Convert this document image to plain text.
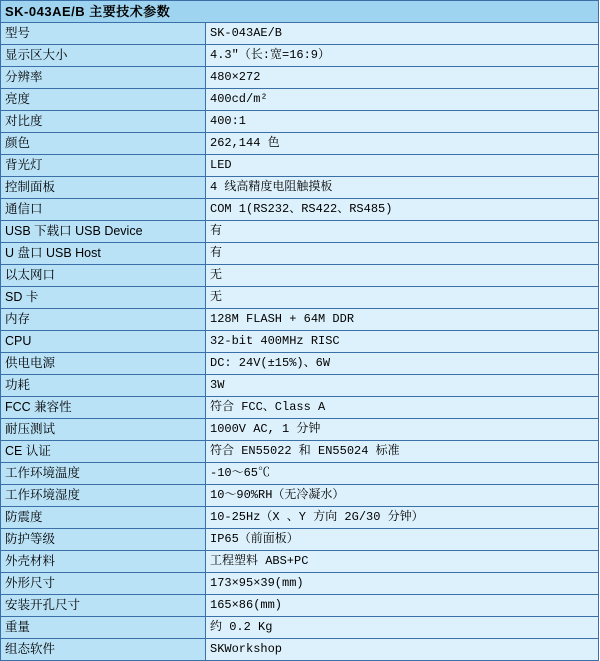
SK-043AE/B 主要技术参数	
型号	SK-043AE/B
显示区大小	4.3″（长:宽=16:9）
分辨率	480×272
亮度	400cd/m²
对比度	400:1
颜色	262,144 色
背光灯	LED
控制面板	4 线高精度电阻触摸板
通信口	COM 1(RS232、RS422、RS485)
USB 下载口 USB Device	有
U 盘口 USB Host	有
以太网口	无
SD 卡	无
内存	128M FLASH + 64M DDR
CPU	32-bit 400MHz RISC
供电电源	DC: 24V(±15%)、6W
功耗	3W
FCC 兼容性	符合 FCC、Class A
耐压测试	1000V AC, 1 分钟
CE 认证	符合 EN55022 和 EN55024 标准
工作环境温度	-10～65℃
工作环境湿度	10～90%RH（无冷凝水）
防震度	10-25Hz（X 、Y 方向 2G/30 分钟）
防护等级	IP65（前面板）
外壳材料	工程塑料 ABS+PC
外形尺寸	173×95×39(mm)
安装开孔尺寸	165×86(mm)
重量	约 0.2 Kg
组态软件	SKWorkshop
